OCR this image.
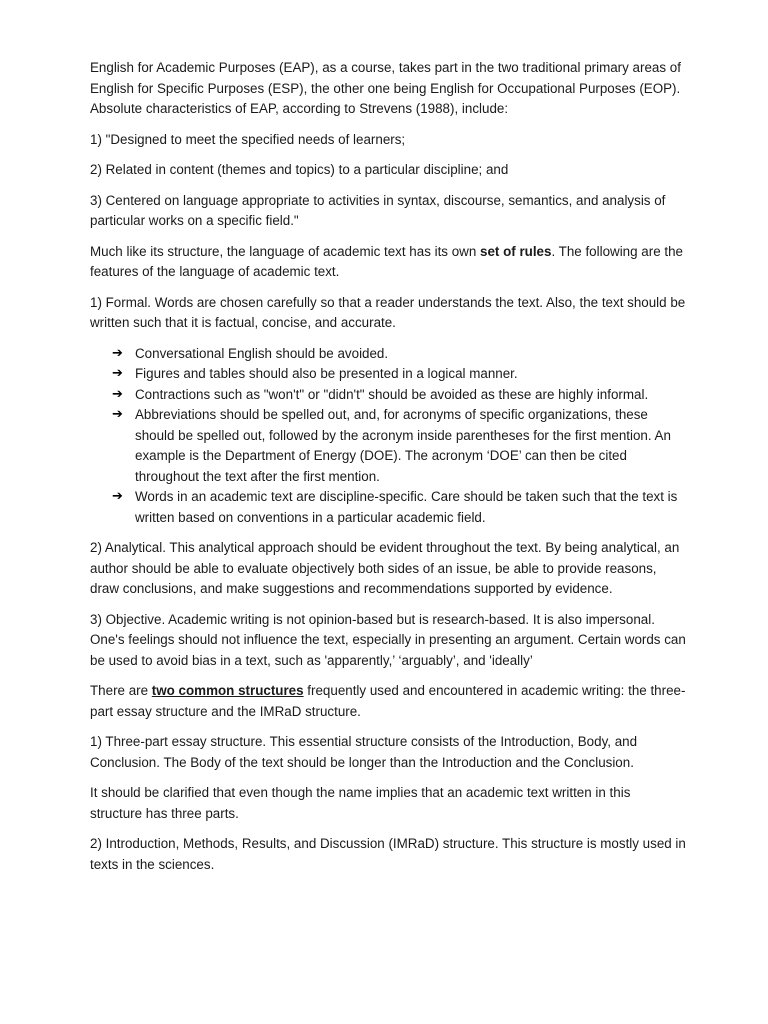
English for Academic Purposes (EAP), as a course, takes part in the two traditional primary areas of English for Specific Purposes (ESP), the other one being English for Occupational Purposes (EOP). Absolute characteristics of EAP, according to Strevens (1988), include:

1) "Designed to meet the specified needs of learners;

2) Related in content (themes and topics) to a particular discipline; and

3) Centered on language appropriate to activities in syntax, discourse, semantics, and analysis of particular works on a specific field."

Much like its structure, the language of academic text has its own set of rules. The following are the features of the language of academic text.

1) Formal. Words are chosen carefully so that a reader understands the text. Also, the text should be written such that it is factual, concise, and accurate.

➔ Conversational English should be avoided.
➔ Figures and tables should also be presented in a logical manner.
➔ Contractions such as "won't" or "didn't" should be avoided as these are highly informal.
➔ Abbreviations should be spelled out, and, for acronyms of specific organizations, these should be spelled out, followed by the acronym inside parentheses for the first mention. An example is the Department of Energy (DOE). The acronym ‘DOE’ can then be cited throughout the text after the first mention.
➔ Words in an academic text are discipline-specific. Care should be taken such that the text is written based on conventions in a particular academic field.

2) Analytical. This analytical approach should be evident throughout the text. By being analytical, an author should be able to evaluate objectively both sides of an issue, be able to provide reasons, draw conclusions, and make suggestions and recommendations supported by evidence.

3) Objective. Academic writing is not opinion-based but is research-based. It is also impersonal. One's feelings should not influence the text, especially in presenting an argument. Certain words can be used to avoid bias in a text, such as 'apparently,’ ‘arguably’, and 'ideally’

There are two common structures frequently used and encountered in academic writing: the three-part essay structure and the IMRaD structure.

1) Three-part essay structure. This essential structure consists of the Introduction, Body, and Conclusion. The Body of the text should be longer than the Introduction and the Conclusion.

It should be clarified that even though the name implies that an academic text written in this structure has three parts.

2) Introduction, Methods, Results, and Discussion (IMRaD) structure. This structure is mostly used in texts in the sciences.
